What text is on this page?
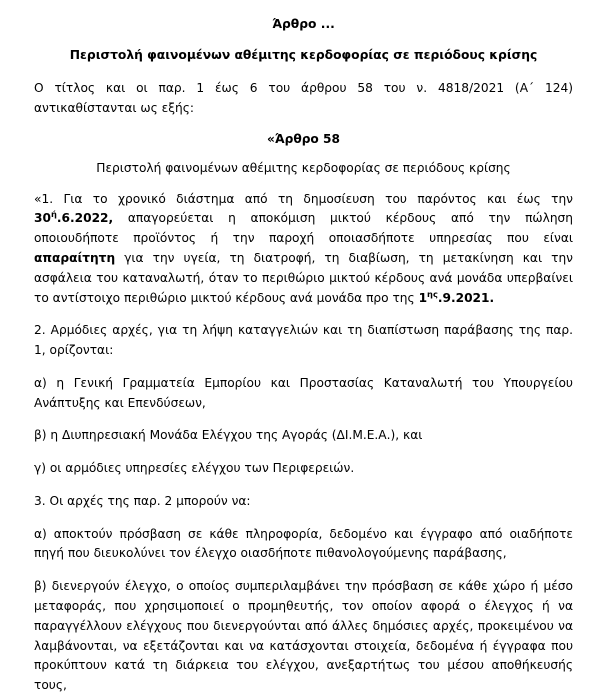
Άρθρο ...
Περιστολή φαινομένων αθέμιτης κερδοφορίας σε περιόδους κρίσης

Ο τίτλος και οι παρ. 1 έως 6 του άρθρου 58 του ν. 4818/2021 (Α΄ 124) αντικαθίστανται ως εξής:

«Άρθρο 58
Περιστολή φαινομένων αθέμιτης κερδοφορίας σε περιόδους κρίσης

«1. Για το χρονικό διάστημα από τη δημοσίευση του παρόντος και έως την $30^ή.6.2022$, απαγορεύεται η αποκόμιση μικτού κέρδους από την πώληση οποιουδήποτε προϊόντος ή την παροχή οποιασδήποτε υπηρεσίας που είναι απαραίτητη για την υγεία, τη διατροφή, τη διαβίωση, τη μετακίνηση και την ασφάλεια του καταναλωτή, όταν το περιθώριο μικτού κέρδους ανά μονάδα υπερβαίνει το αντίστοιχο περιθώριο μικτού κέρδους ανά μονάδα προ της $1^{\eta\varsigma}.9.2021$.

2. Αρμόδιες αρχές, για τη λήψη καταγγελιών και τη διαπίστωση παράβασης της παρ. 1, ορίζονται:

α) η Γενική Γραμματεία Εμπορίου και Προστασίας Καταναλωτή του Υπουργείου Ανάπτυξης και Επενδύσεων,

β) η Διυπηρεσιακή Μονάδα Ελέγχου της Αγοράς (ΔΙ.Μ.Ε.Α.), και

γ) οι αρμόδιες υπηρεσίες ελέγχου των Περιφερειών.

3. Οι αρχές της παρ. 2 μπορούν να:

α) αποκτούν πρόσβαση σε κάθε πληροφορία, δεδομένο και έγγραφο από οιαδήποτε πηγή που διευκολύνει τον έλεγχο οιασδήποτε πιθανολογούμενης παράβασης,

β) διενεργούν έλεγχο, ο οποίος συμπεριλαμβάνει την πρόσβαση σε κάθε χώρο ή μέσο μεταφοράς, που χρησιμοποιεί ο προμηθευτής, τον οποίον αφορά ο έλεγχος ή να παραγγέλλουν ελέγχους που διενεργούνται από άλλες δημόσιες αρχές, προκειμένου να λαμβάνονται, να εξετάζονται και να κατάσχονται στοιχεία, δεδομένα ή έγγραφα που προκύπτουν κατά τη διάρκεια του ελέγχου, ανεξαρτήτως του μέσου αποθήκευσής τους,
